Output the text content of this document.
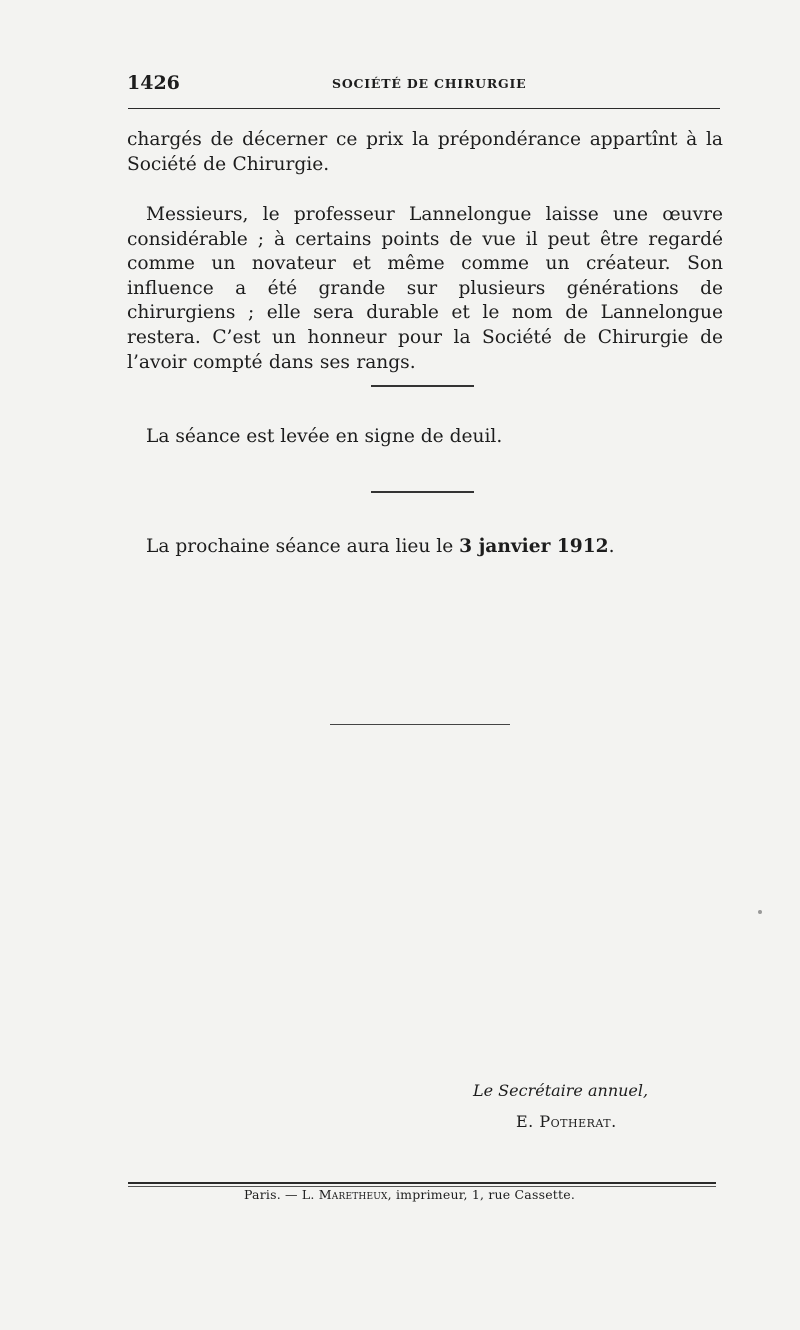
1426	SOCIÉTÉ DE CHIRURGIE
chargés de décerner ce prix la prépondérance appartînt à la Société de Chirurgie.
Messieurs, le professeur Lannelongue laisse une œuvre considérable ; à certains points de vue il peut être regardé comme un novateur et même comme un créateur. Son influence a été grande sur plusieurs générations de chirurgiens ; elle sera durable et le nom de Lannelongue restera. C’est un honneur pour la Société de Chirurgie de l’avoir compté dans ses rangs.
La séance est levée en signe de deuil.
La prochaine séance aura lieu le 3 janvier 1912.
Le Secrétaire annuel,
E. Potherat.
Paris. — L. Maretheux, imprimeur, 1, rue Cassette.
